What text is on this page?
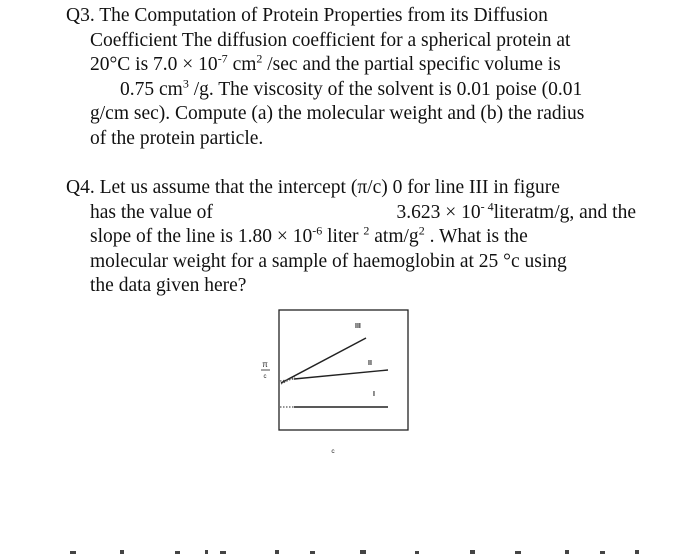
Q3. The Computation of Protein Properties from its Diffusion
Coefficient The diffusion coefficient for a spherical protein at
20°C is $7.0 \times 10^{-7}$ $cm^2$ /sec and the partial specific volume is
0.75 $cm^3$ /g. The viscosity of the solvent is 0.01 poise (0.01
g/cm sec). Compute (a) the molecular weight and (b) the radius
of the protein particle.
Q4. Let us assume that the intercept (π/c) 0 for line III in figure
has the value of	$3.623 \times 10^{- 4}literatm/g$, and the
slope of the line is $1.80 \times 10^{-6}$ liter $^2$ atm/$g^2$ . What is the
molecular weight for a sample of haemoglobin at 25 °c using
the data given here?
III
II
I
π
c
c
